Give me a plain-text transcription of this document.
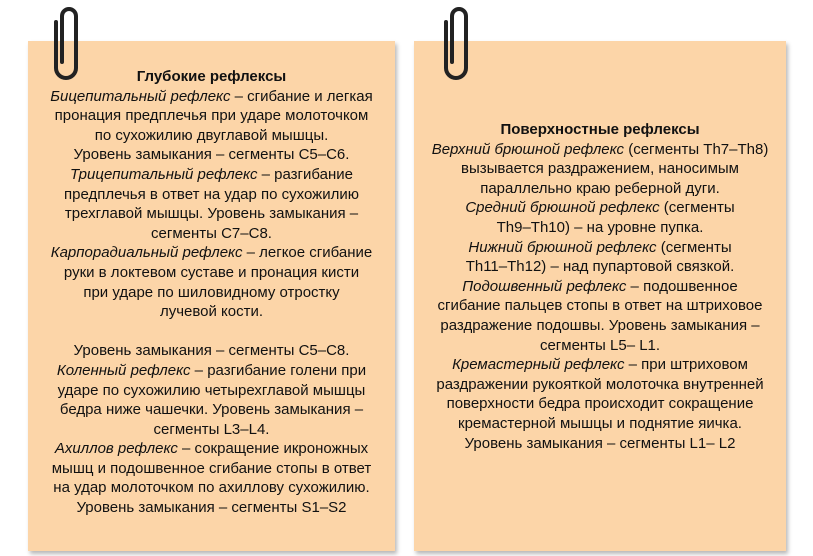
Глубокие рефлексы
Бицепитальный рефлекс – сгибание и легкая
пронация предплечья при ударе молоточком
по сухожилию двуглавой мышцы.
Уровень замыкания – сегменты С5–С6.
Трицепитальный рефлекс – разгибание
предплечья в ответ на удар по сухожилию
трехглавой мышцы. Уровень замыкания –
сегменты С7–С8.
Карпорадиальный рефлекс – легкое сгибание
руки в локтевом суставе и пронация кисти
при ударе по шиловидному отростку
лучевой кости.

Уровень замыкания – сегменты С5–С8.
Коленный рефлекс – разгибание голени при
ударе по сухожилию четырехглавой мышцы
бедра ниже чашечки. Уровень замыкания –
сегменты L3–L4.
Ахиллов рефлекс – сокращение икроножных
мышц и подошвенное сгибание стопы в ответ
на удар молоточком по ахиллову сухожилию.
Уровень замыкания – сегменты S1–S2
Поверхностные рефлексы
Верхний брюшной рефлекс (сегменты Th7–Th8)
вызывается раздражением, наносимым
параллельно краю реберной дуги.
Средний брюшной рефлекс (сегменты
Th9–Th10) – на уровне пупка.
Нижний брюшной рефлекс (сегменты
Th11–Th12) – над пупартовой связкой.
Подошвенный рефлекс – подошвенное
сгибание пальцев стопы в ответ на штриховое
раздражение подошвы. Уровень замыкания –
сегменты L5– L1.
Кремастерный рефлекс – при штриховом
раздражении рукояткой молоточка внутренней
поверхности бедра происходит сокращение
кремастерной мышцы и поднятие яичка.
Уровень замыкания – сегменты L1– L2
